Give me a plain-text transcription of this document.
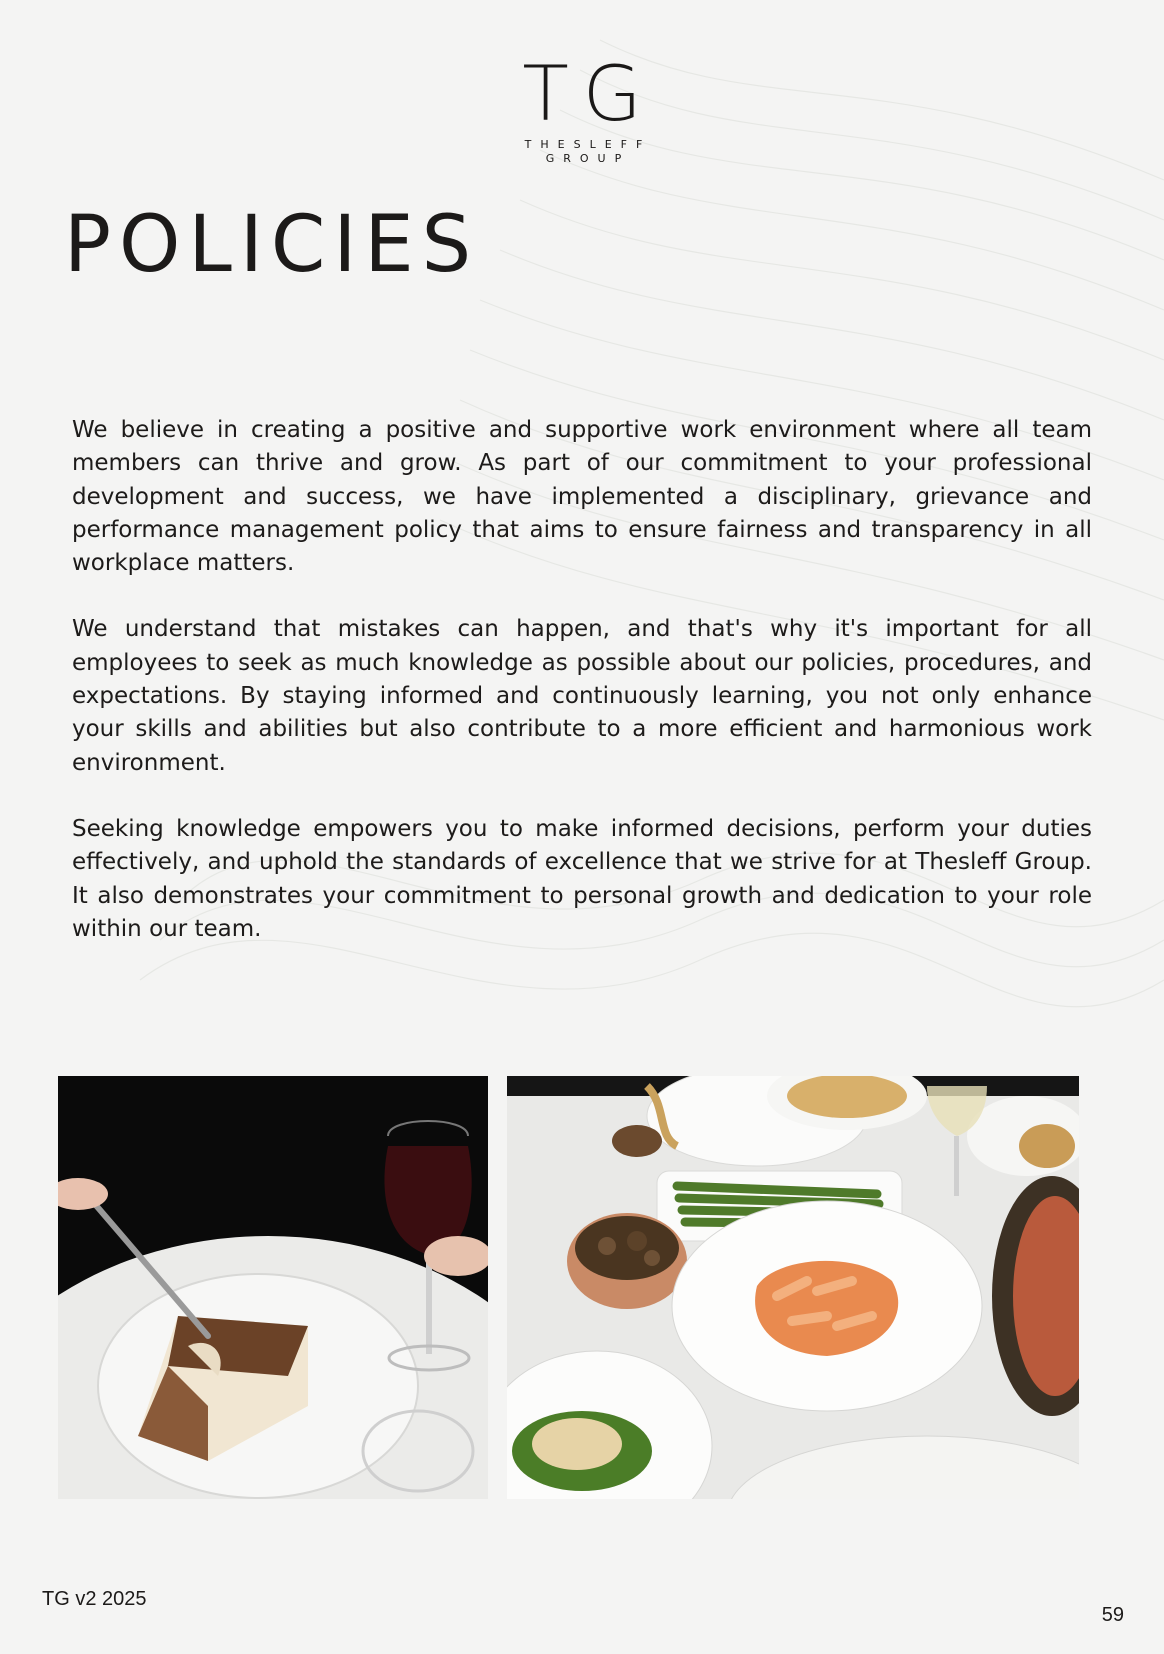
TG
THESLEFF
GROUP
POLICIES

We believe in creating a positive and supportive work environment where all team members can thrive and grow. As part of our commitment to your professional development and success, we have implemented a disciplinary, grievance and performance management policy that aims to ensure fairness and transparency in all workplace matters.

We understand that mistakes can happen, and that's why it's important for all employees to seek as much knowledge as possible about our policies, procedures, and expectations. By staying informed and continuously learning, you not only enhance your skills and abilities but also contribute to a more efficient and harmonious work environment.

Seeking knowledge empowers you to make informed decisions, perform your duties effectively, and uphold the standards of excellence that we strive for at Thesleff Group. It also demonstrates your commitment to personal growth and dedication to your role within our team.

TG v2 2025
59
